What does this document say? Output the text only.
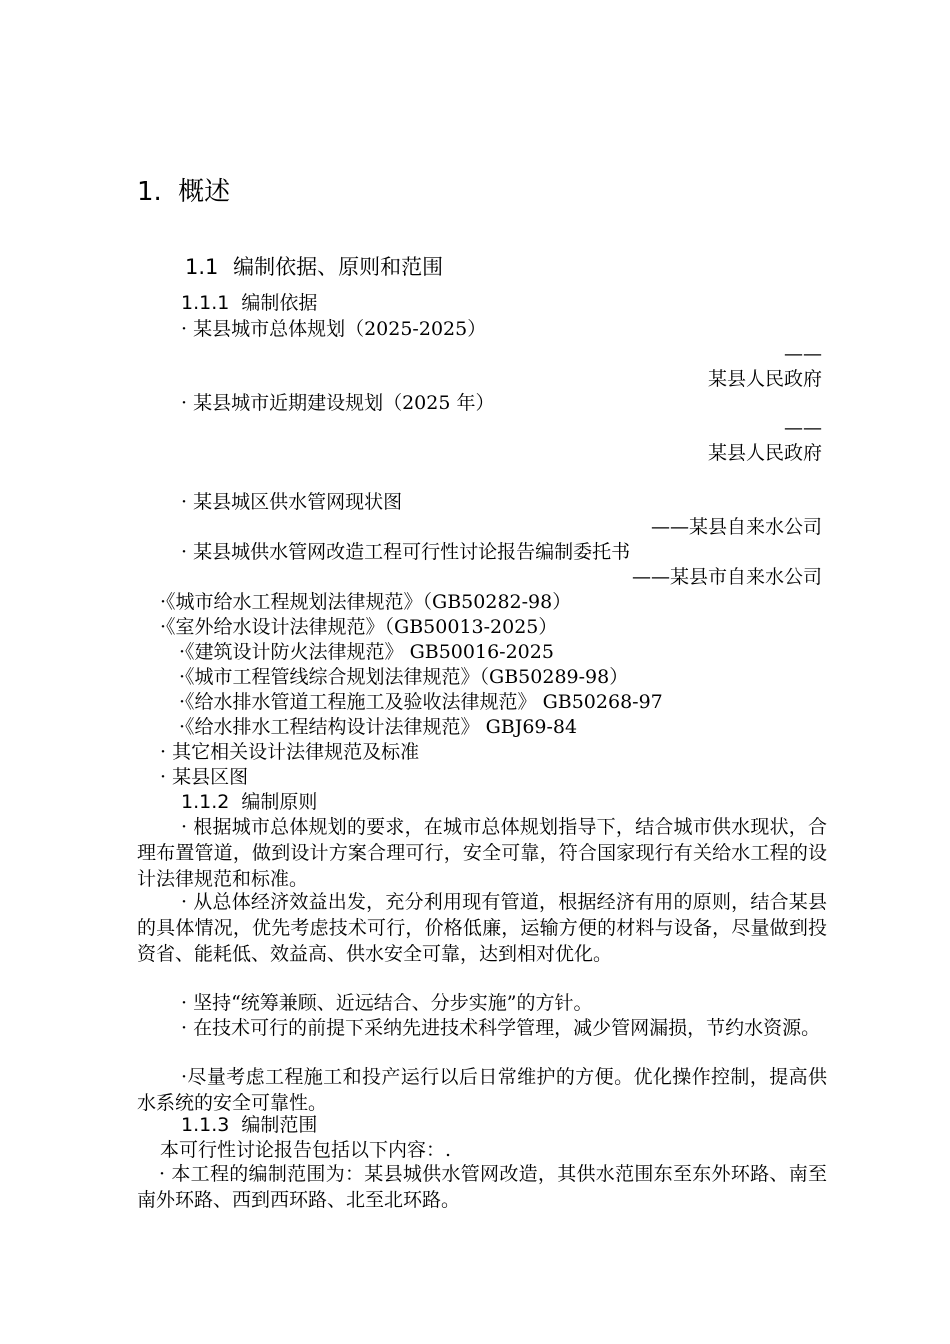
1. 概述
1.1 编制依据、原则和范围
1.1.1 编制依据
· 某县城市总体规划（2025-2025）
——
某县人民政府
· 某县城市近期建设规划（2025 年）
——
某县人民政府
· 某县城区供水管网现状图
——某县自来水公司
· 某县城供水管网改造工程可行性讨论报告编制委托书
——某县市自来水公司
·《城市给水工程规划法律规范》（GB50282-98）
·《室外给水设计法律规范》（GB50013-2025）
·《建筑设计防火法律规范》 GB50016-2025
·《城市工程管线综合规划法律规范》（GB50289-98）
·《给水排水管道工程施工及验收法律规范》 GB50268-97
·《给水排水工程结构设计法律规范》 GBJ69-84
· 其它相关设计法律规范及标准
· 某县区图
1.1.2 编制原则
· 根据城市总体规划的要求，在城市总体规划指导下，结合城市供水现状，合理布置管道，做到设计方案合理可行，安全可靠，符合国家现行有关给水工程的设计法律规范和标准。
· 从总体经济效益出发，充分利用现有管道，根据经济有用的原则，结合某县的具体情况，优先考虑技术可行，价格低廉，运输方便的材料与设备，尽量做到投资省、能耗低、效益高、供水安全可靠，达到相对优化。
· 坚持“统筹兼顾、近远结合、分步实施”的方针。
· 在技术可行的前提下采纳先进技术科学管理，减少管网漏损，节约水资源。
·尽量考虑工程施工和投产运行以后日常维护的方便。优化操作控制，提高供水系统的安全可靠性。
1.1.3 编制范围
本可行性讨论报告包括以下内容：.
· 本工程的编制范围为：某县城供水管网改造，其供水范围东至东外环路、南至南外环路、西到西环路、北至北环路。
